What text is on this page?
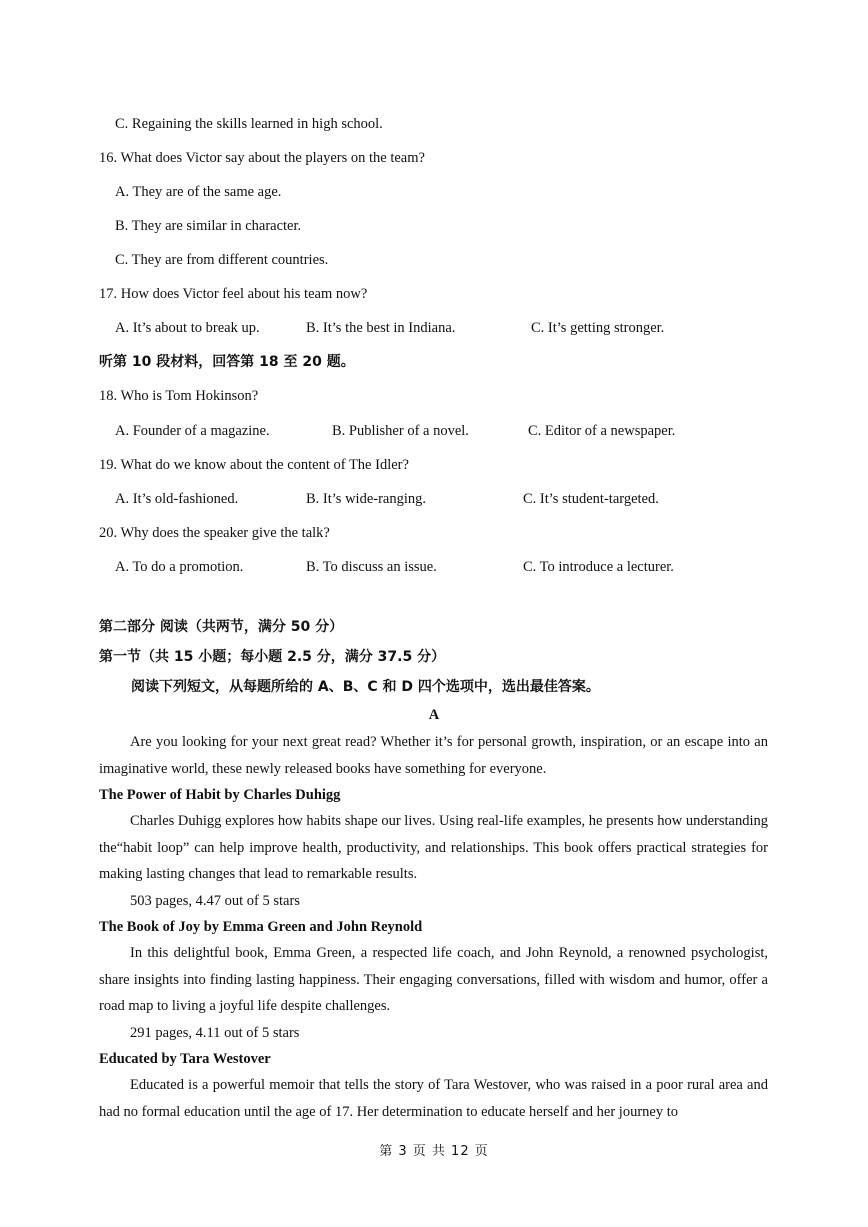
C. Regaining the skills learned in high school.
16. What does Victor say about the players on the team?
A. They are of the same age.
B. They are similar in character.
C. They are from different countries.
17. How does Victor feel about his team now?
A. It’s about to break up.	B. It’s the best in Indiana.	C. It’s getting stronger.
听第 10 段材料，回答第 18 至 20 题。
18. Who is Tom Hokinson?
A. Founder of a magazine.	B. Publisher of a novel.	C. Editor of a newspaper.
19. What do we know about the content of The Idler?
A. It’s old-fashioned.	B. It’s wide-ranging.	C. It’s student-targeted.
20. Why does the speaker give the talk?
A. To do a promotion.	B. To discuss an issue.	C. To introduce a lecturer.
第二部分 阅读（共两节，满分 50 分）
第一节（共 15 小题；每小题 2.5 分，满分 37.5 分）
阅读下列短文，从每题所给的 A、B、C 和 D 四个选项中，选出最佳答案。
A
Are you looking for your next great read? Whether it’s for personal growth, inspiration, or an escape into an imaginative world, these newly released books have something for everyone.
The Power of Habit by Charles Duhigg
Charles Duhigg explores how habits shape our lives. Using real-life examples, he presents how understanding the“habit loop” can help improve health, productivity, and relationships. This book offers practical strategies for making lasting changes that lead to remarkable results.
503 pages, 4.47 out of 5 stars
The Book of Joy by Emma Green and John Reynold
In this delightful book, Emma Green, a respected life coach, and John Reynold, a renowned psychologist, share insights into finding lasting happiness. Their engaging conversations, filled with wisdom and humor, offer a road map to living a joyful life despite challenges.
291 pages, 4.11 out of 5 stars
Educated by Tara Westover
Educated is a powerful memoir that tells the story of Tara Westover, who was raised in a poor rural area and had no formal education until the age of 17. Her determination to educate herself and her journey to
第 3 页 共 12 页
